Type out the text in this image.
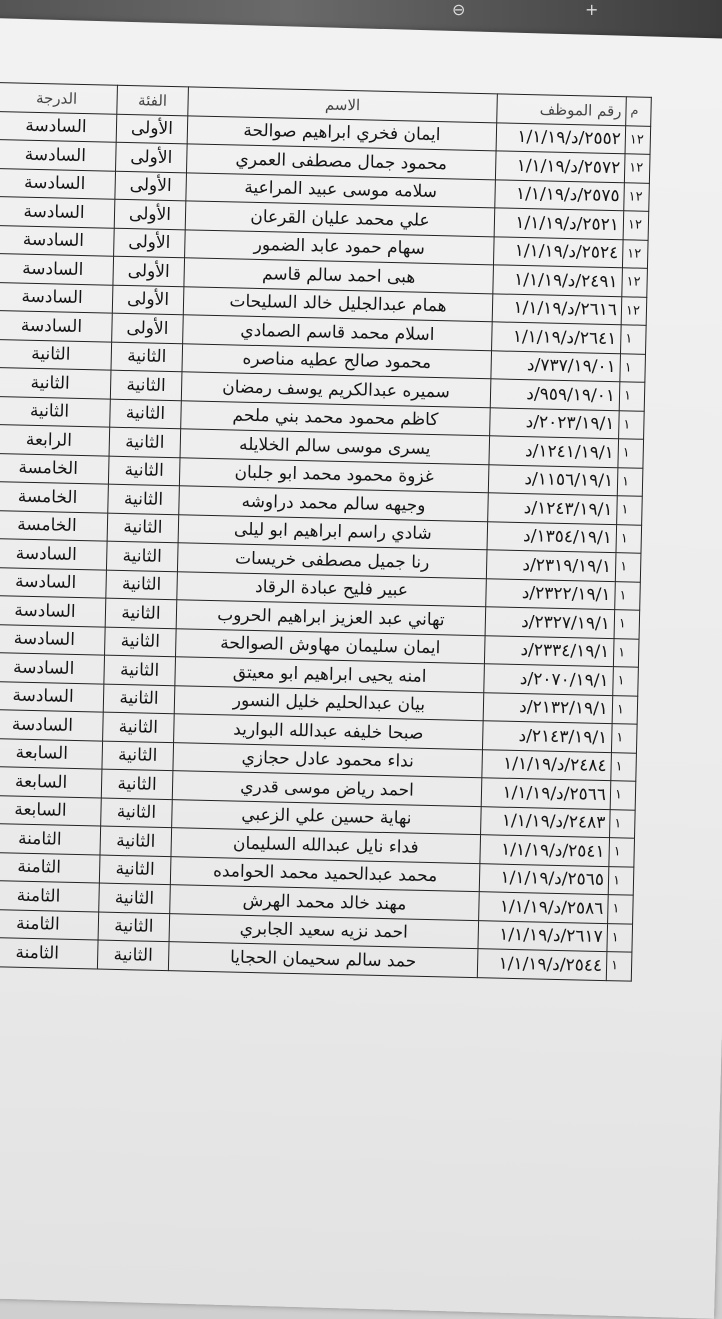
⊖	+
م	رقم الموظف	الاسم	الفئة	الدرجة
١٢	٢٥٥٢/د/١/١/١٩	ايمان فخري ابراهيم صوالحة	الأولى	السادسة
١٢	٢٥٧٢/د/١/١/١٩	محمود جمال مصطفى العمري	الأولى	السادسة
١٢	٢٥٧٥/د/١/١/١٩	سلامه موسى عبيد المراعية	الأولى	السادسة
١٢	٢٥٢١/د/١/١/١٩	علي محمد عليان القرعان	الأولى	السادسة
١٢	٢٥٢٤/د/١/١/١٩	سهام حمود عابد الضمور	الأولى	السادسة
١٢	٢٤٩١/د/١/١/١٩	هبى احمد سالم قاسم	الأولى	السادسة
١٢	٢٦١٦/د/١/١/١٩	همام عبدالجليل خالد السليحات	الأولى	السادسة
١	٢٦٤١/د/١/١/١٩	اسلام محمد قاسم الصمادي	الأولى	السادسة
١	٧٣٧/١٩/٠١/د	محمود صالح عطيه مناصره	الثانية	الثانية
١	٩٥٩/١٩/٠١/د	سميره عبدالكريم يوسف رمضان	الثانية	الثانية
١	٢٠٢٣/١٩/١/د	كاظم محمود محمد بني ملحم	الثانية	الثانية
١	١٢٤١/١٩/١/د	يسرى موسى سالم الخلايله	الثانية	الرابعة
١	١١٥٦/١٩/١/د	غزوة محمود محمد ابو جلبان	الثانية	الخامسة
١	١٢٤٣/١٩/١/د	وجيهه سالم محمد دراوشه	الثانية	الخامسة
١	١٣٥٤/١٩/١/د	شادي راسم ابراهيم ابو ليلى	الثانية	الخامسة
١	٢٣١٩/١٩/١/د	رنا جميل مصطفى خريسات	الثانية	السادسة
١	٢٣٢٢/١٩/١/د	عبير فليح عبادة الرقاد	الثانية	السادسة
١	٢٣٢٧/١٩/١/د	تهاني عبد العزيز ابراهيم الحروب	الثانية	السادسة
١	٢٣٣٤/١٩/١/د	ايمان سليمان مهاوش الصوالحة	الثانية	السادسة
١	٢٠٧٠/١٩/١/د	امنه يحيى ابراهيم ابو معيتق	الثانية	السادسة
١	٢١٣٢/١٩/١/د	بيان عبدالحليم خليل النسور	الثانية	السادسة
١	٢١٤٣/١٩/١/د	صبحا خليفه عبدالله البواريد	الثانية	السادسة
١	٢٤٨٤/د/١/١/١٩	نداء محمود عادل حجازي	الثانية	السابعة
١	٢٥٦٦/د/١/١/١٩	احمد رياض موسى قدري	الثانية	السابعة
١	٢٤٨٣/د/١/١/١٩	نهاية حسين علي الزعبي	الثانية	السابعة
١	٢٥٤١/د/١/١/١٩	فداء نايل عبدالله السليمان	الثانية	الثامنة
١	٢٥٦٥/د/١/١/١٩	محمد عبدالحميد محمد الحوامده	الثانية	الثامنة
١	٢٥٨٦/د/١/١/١٩	مهند خالد محمد الهرش	الثانية	الثامنة
١	٢٦١٧/د/١/١/١٩	احمد نزيه سعيد الجابري	الثانية	الثامنة
١	٢٥٤٤/د/١/١/١٩	حمد سالم سحيمان الحجايا	الثانية	الثامنة
